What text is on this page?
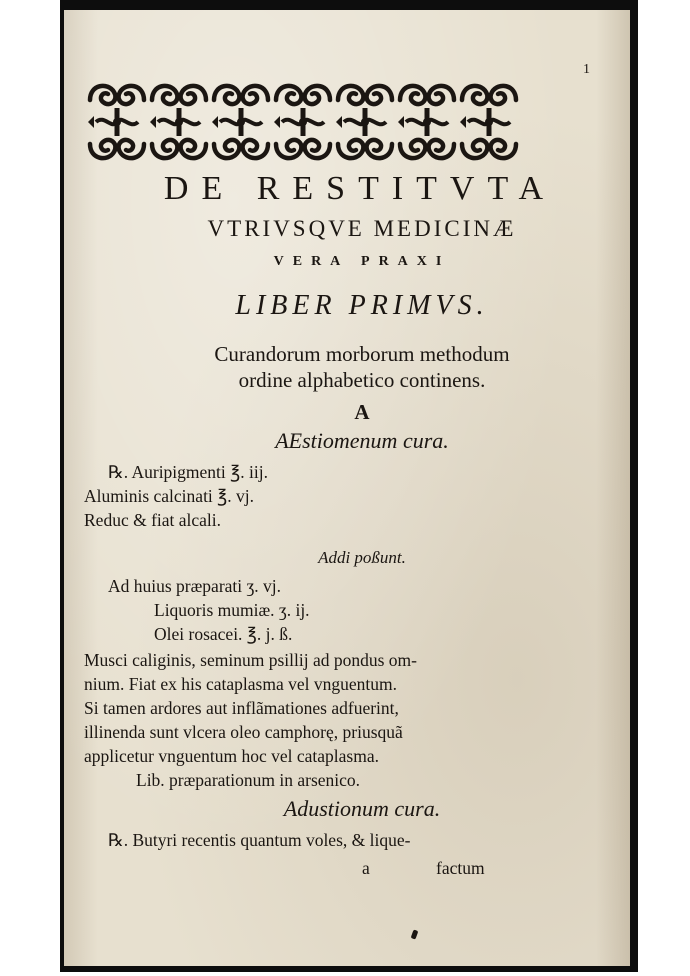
1
DE RESTITVTA
VTRIVSQVE MEDICINÆ
VERA PRAXI
LIBER PRIMVS.
Curandorum morborum methodum
ordine alphabetico continens.
A
AEstiomenum cura.
℞. Auripigmenti ℥. iij.
Aluminis calcinati ℥. vj.
Reduc & fiat alcali.
Addi poßunt.
Ad huius præparati ʒ. vj.
Liquoris mumiæ. ʒ. ij.
Olei rosacei. ℥. j. ß.
Musci caliginis, seminum psillij ad pondus om-
nium. Fiat ex his cataplasma vel vnguentum.
Si tamen ardores aut inflãmationes adfuerint,
illinenda sunt vlcera oleo camphorę, priusquã
applicetur vnguentum hoc vel cataplasma.
Lib. præparationum in arsenico.
Adustionum cura.
℞. Butyri recentis quantum voles, & lique-
a	factum
